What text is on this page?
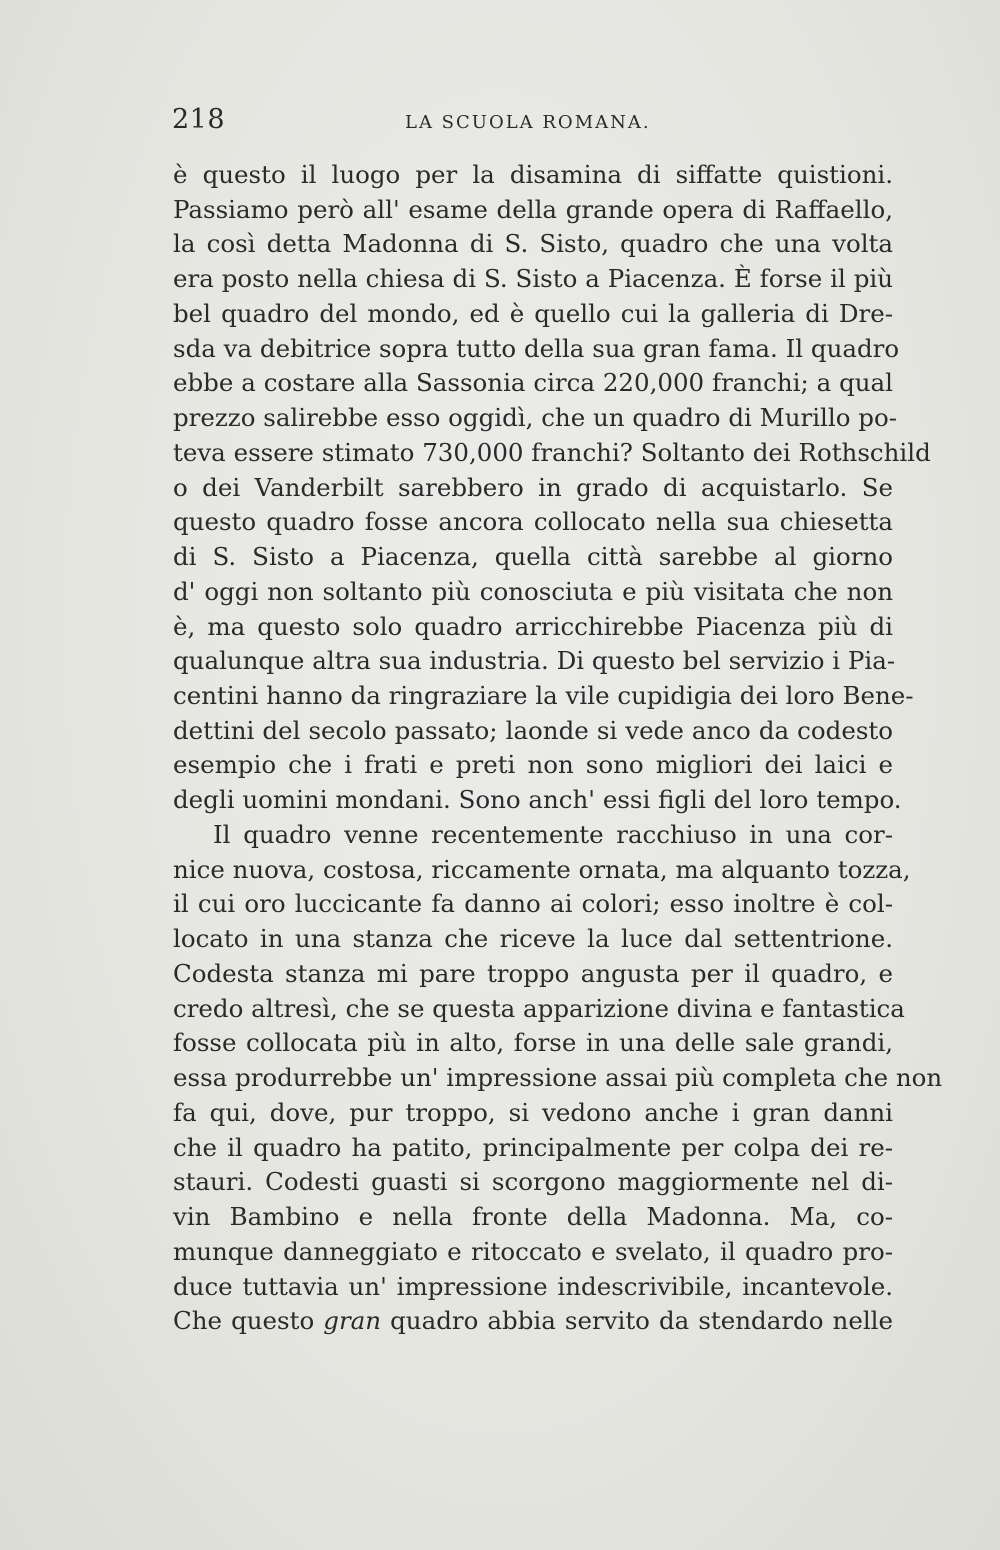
218	LA SCUOLA ROMANA.
è questo il luogo per la disamina di siffatte quistioni.
Passiamo però all' esame della grande opera di Raffaello,
la così detta Madonna di S. Sisto, quadro che una volta
era posto nella chiesa di S. Sisto a Piacenza. È forse il più
bel quadro del mondo, ed è quello cui la galleria di Dre-
sda va debitrice sopra tutto della sua gran fama. Il quadro
ebbe a costare alla Sassonia circa 220,000 franchi; a qual
prezzo salirebbe esso oggidì, che un quadro di Murillo po-
teva essere stimato 730,000 franchi? Soltanto dei Rothschild
o dei Vanderbilt sarebbero in grado di acquistarlo. Se
questo quadro fosse ancora collocato nella sua chiesetta
di S. Sisto a Piacenza, quella città sarebbe al giorno
d' oggi non soltanto più conosciuta e più visitata che non
è, ma questo solo quadro arricchirebbe Piacenza più di
qualunque altra sua industria. Di questo bel servizio i Pia-
centini hanno da ringraziare la vile cupidigia dei loro Bene-
dettini del secolo passato; laonde si vede anco da codesto
esempio che i frati e preti non sono migliori dei laici e
degli uomini mondani. Sono anch' essi figli del loro tempo.
Il quadro venne recentemente racchiuso in una cor-
nice nuova, costosa, riccamente ornata, ma alquanto tozza,
il cui oro luccicante fa danno ai colori; esso inoltre è col-
locato in una stanza che riceve la luce dal settentrione.
Codesta stanza mi pare troppo angusta per il quadro, e
credo altresì, che se questa apparizione divina e fantastica
fosse collocata più in alto, forse in una delle sale grandi,
essa produrrebbe un' impressione assai più completa che non
fa qui, dove, pur troppo, si vedono anche i gran danni
che il quadro ha patito, principalmente per colpa dei re-
stauri. Codesti guasti si scorgono maggiormente nel di-
vin Bambino e nella fronte della Madonna. Ma, co-
munque danneggiato e ritoccato e svelato, il quadro pro-
duce tuttavia un' impressione indescrivibile, incantevole.
Che questo gran quadro abbia servito da stendardo nelle
